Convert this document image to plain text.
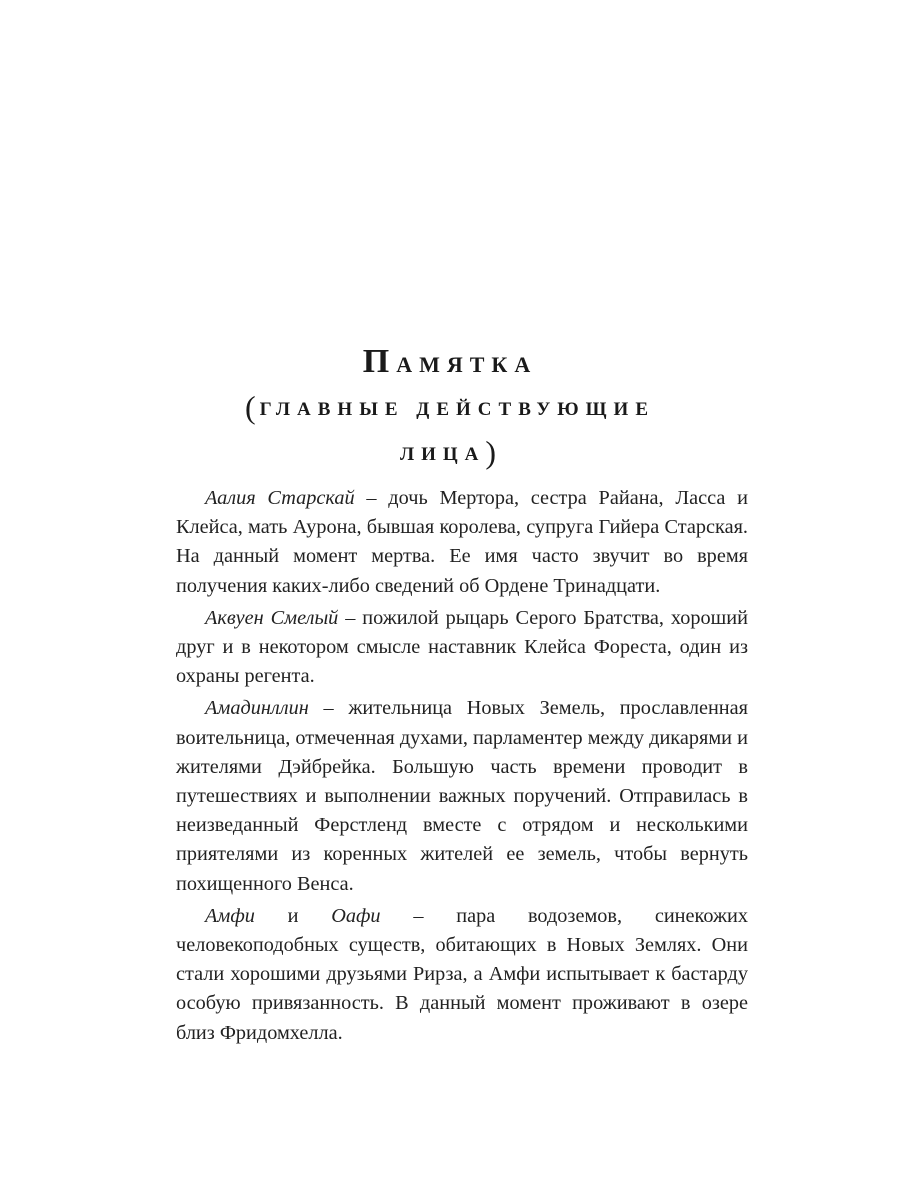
ПАМЯТКА
(ГЛАВНЫЕ ДЕЙСТВУЮЩИЕ
ЛИЦА)

Аалия Старскай – дочь Мертора, сестра Райана, Ласса и Клейса, мать Аурона, бывшая королева, супруга Гийера Старская. На данный момент мертва. Ее имя часто звучит во время получения каких-либо сведений об Ордене Тринадцати.

Аквуен Смелый – пожилой рыцарь Серого Братства, хороший друг и в некотором смысле наставник Клейса Фореста, один из охраны регента.

Амадинллин – жительница Новых Земель, прославленная воительница, отмеченная духами, парламентер между дикарями и жителями Дэйбрейка. Большую часть времени проводит в путешествиях и выполнении важных поручений. Отправилась в неизведанный Ферстленд вместе с отрядом и несколькими приятелями из коренных жителей ее земель, чтобы вернуть похищенного Венса.

Амфи и Оафи – пара водоземов, синекожих человекоподобных существ, обитающих в Новых Землях. Они стали хорошими друзьями Рирза, а Амфи испытывает к бастарду особую привязанность. В данный момент проживают в озере близ Фридомхелла.
